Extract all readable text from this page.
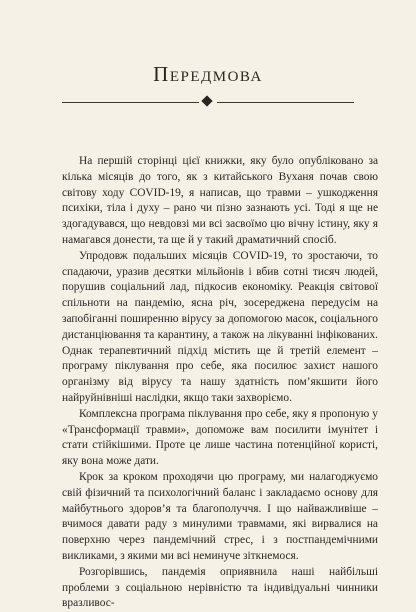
Передмова

На першій сторінці цієї книжки, яку було опубліковано за кілька місяців до того, як з китайського Вуханя почав свою світову ходу COVID-19, я написав, що травми – ушкодження психіки, тіла і духу – рано чи пізно зазнають усі. Тоді я ще не здогадувався, що невдовзі ми всі засвоїмо цю вічну істину, яку я намагався донести, та ще й у такий драматичний спосіб.

Упродовж подальших місяців COVID-19, то зростаючи, то спадаючи, уразив десятки мільйонів і вбив сотні тисяч людей, порушив соціальний лад, підкосив економіку. Реакція світової спільноти на пандемію, ясна річ, зосереджена передусім на запобіганні поширенню вірусу за допомогою масок, соціального дистанціювання та карантину, а також на лікуванні інфікованих. Однак терапевтичний підхід містить ще й третій елемент – програму піклування про себе, яка посилює захист нашого організму від вірусу та нашу здатність пом’якшити його найруйнівніші наслідки, якщо таки захворіємо.

Комплексна програма піклування про себе, яку я пропоную у «Трансформації травми», допоможе вам посилити імунітет і стати стійкішими. Проте це лише частина потенційної користі, яку вона може дати.

Крок за кроком проходячи цю програму, ми налагоджуємо свій фізичний та психологічний баланс і закладаємо основу для майбутнього здоров’я та благополуччя. І що найважливіше – вчимося давати раду з минулими травмами, які вирвалися на поверхню через пандемічний стрес, і з постпандемічними викликами, з якими ми всі неминуче зіткнемося.

Розгорівшись, пандемія оприявнила наші найбільші проблеми з соціальною нерівністю та індивідуальні чинники вразливос-
